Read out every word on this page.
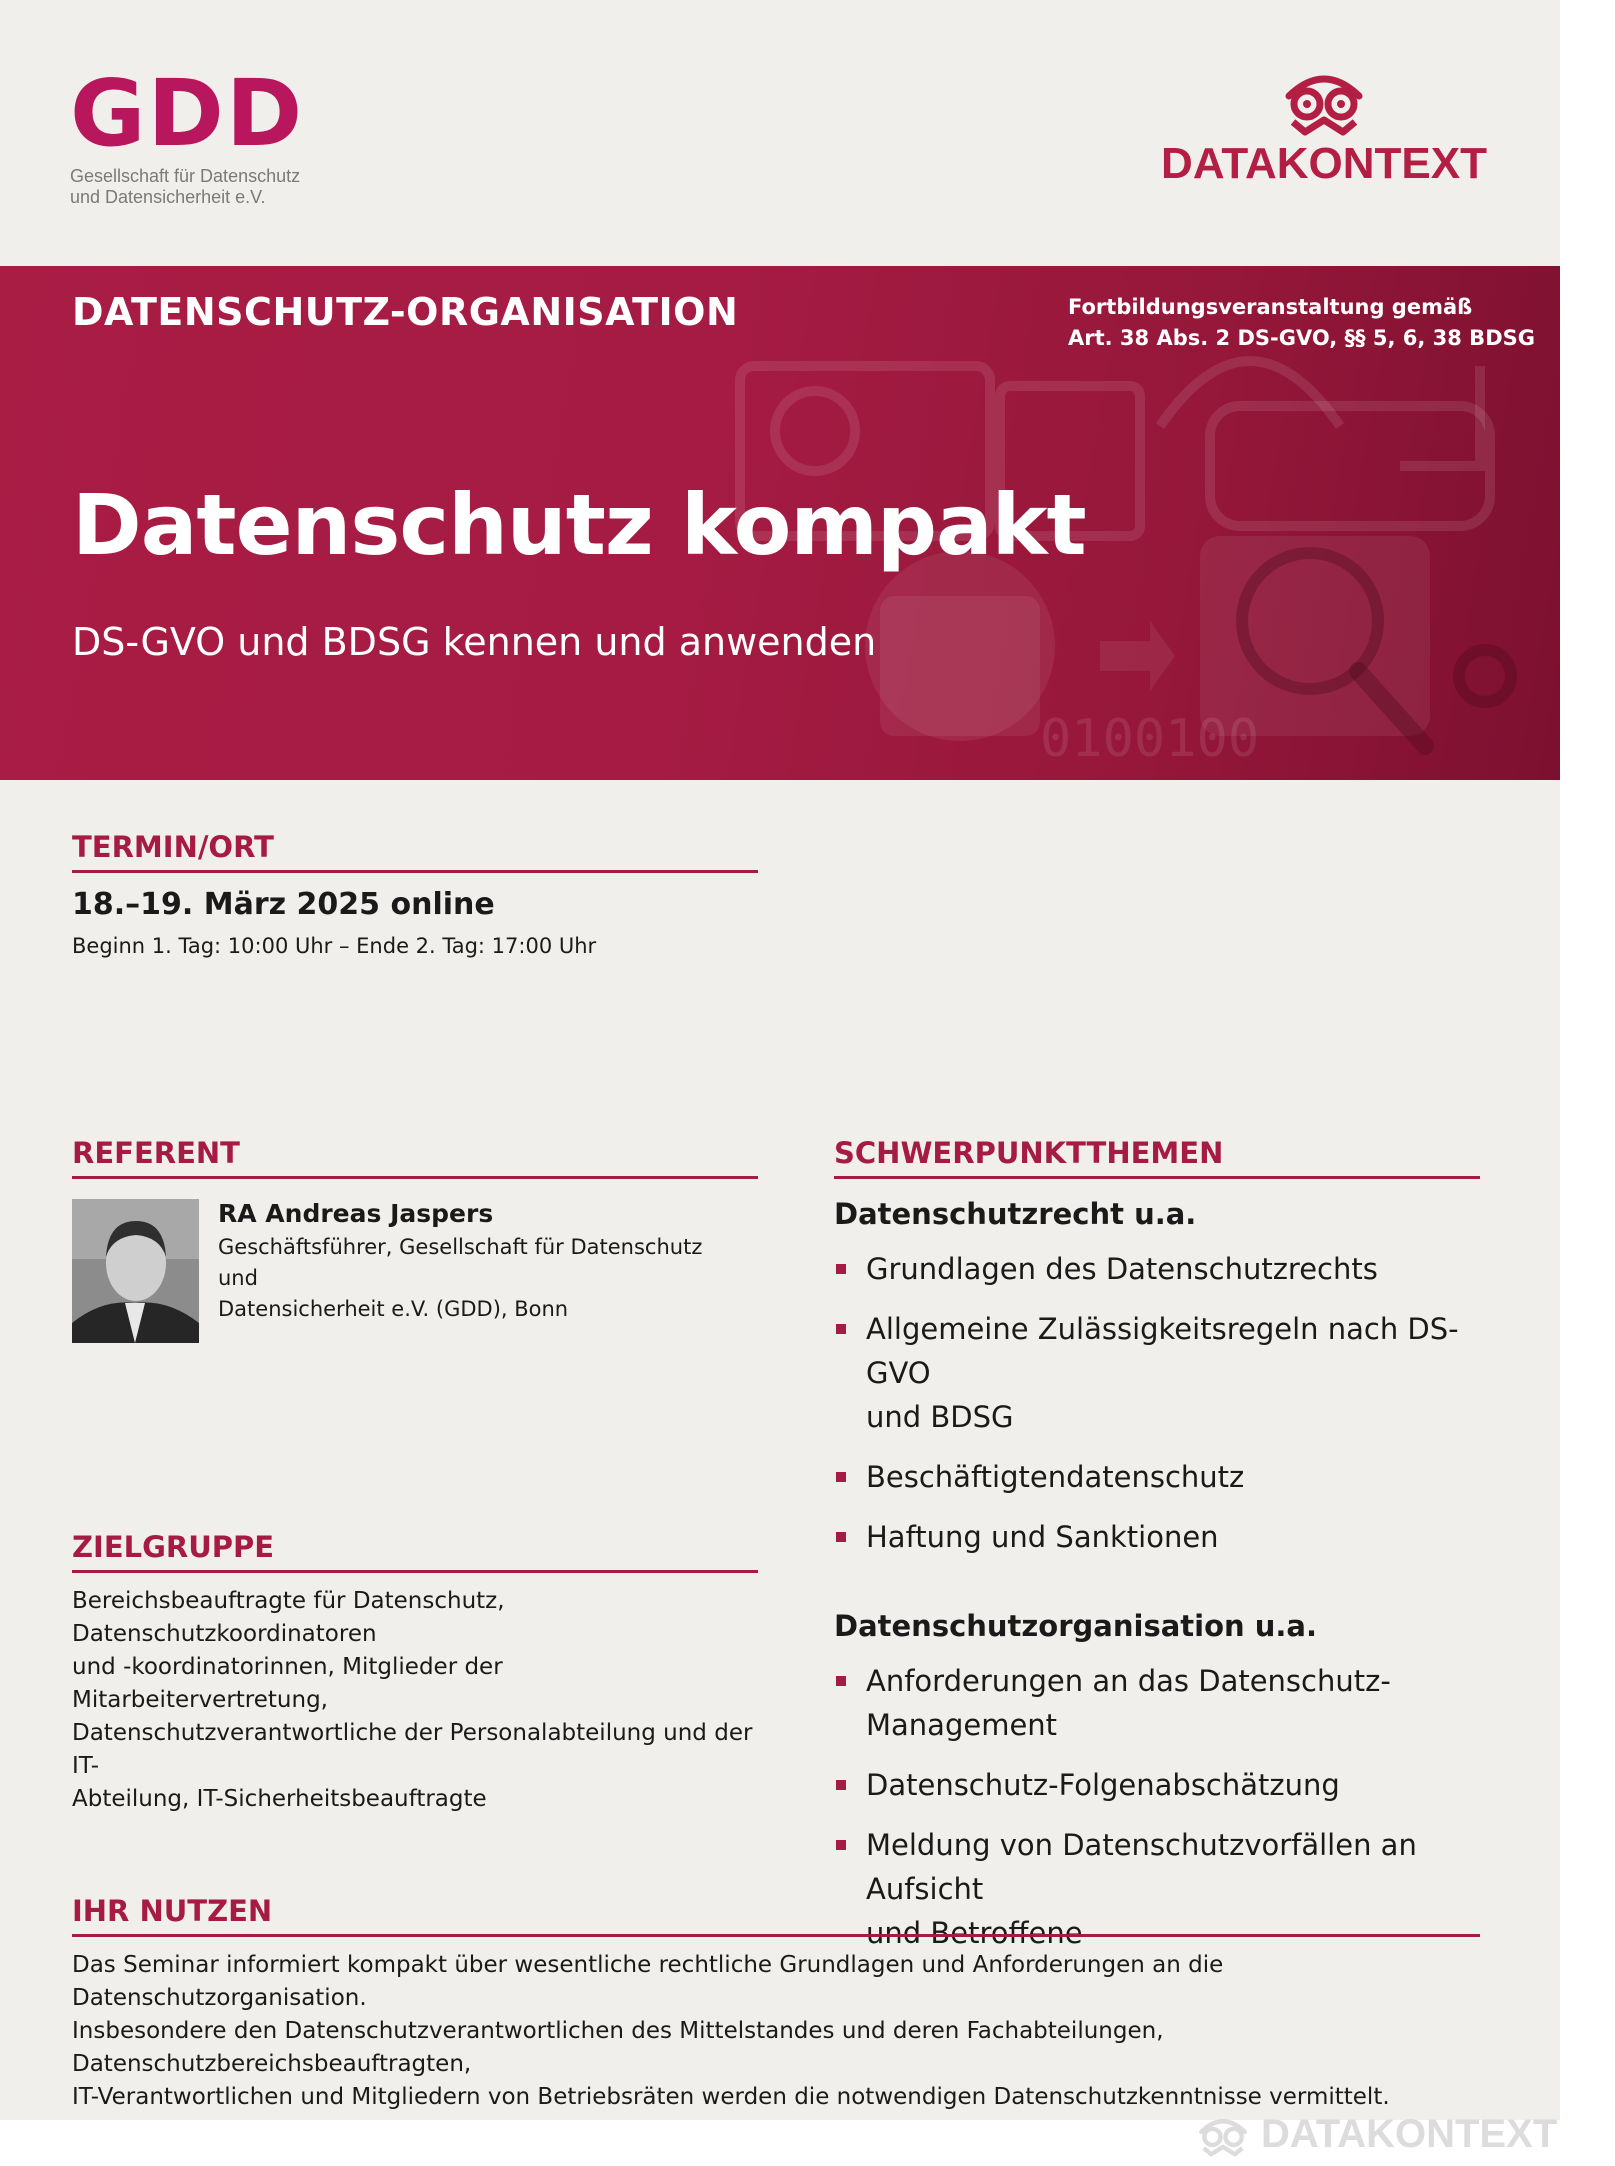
GDD
Gesellschaft für Datenschutz
und Datensicherheit e.V.
DATAKONTEXT
0100100
DATENSCHUTZ-ORGANISATION	Fortbildungsveranstaltung gemäß
Art. 38 Abs. 2 DS-GVO, §§ 5, 6, 38 BDSG
Datenschutz kompakt
DS-GVO und BDSG kennen und anwenden
TERMIN/ORT
18.–19. März 2025 online
Beginn 1. Tag: 10:00 Uhr – Ende 2. Tag: 17:00 Uhr
REFERENT
RA Andreas Jaspers
Geschäftsführer, Gesellschaft für Datenschutz und
Datensicherheit e.V. (GDD), Bonn
ZIELGRUPPE
Bereichsbeauftragte für Datenschutz, Datenschutzkoordinatoren
und -koordinatorinnen, Mitglieder der Mitarbeitervertretung,
Datenschutzverantwortliche der Personalabteilung und der IT-
Abteilung, IT-Sicherheitsbeauftragte
SCHWERPUNKTTHEMEN
Datenschutzrecht u.a.
Grundlagen des Datenschutzrechts
Allgemeine Zulässigkeitsregeln nach DS-GVO
und BDSG
Beschäftigtendatenschutz
Haftung und Sanktionen
Datenschutzorganisation u.a.
Anforderungen an das Datenschutz-Management
Datenschutz-Folgenabschätzung
Meldung von Datenschutzvorfällen an Aufsicht
und Betroffene
IHR NUTZEN
Das Seminar informiert kompakt über wesentliche rechtliche Grundlagen und Anforderungen an die Datenschutzorganisation.
Insbesondere den Datenschutzverantwortlichen des Mittelstandes und deren Fachabteilungen, Datenschutzbereichsbeauftragten,
IT-Verantwortlichen und Mitgliedern von Betriebsräten werden die notwendigen Datenschutzkenntnisse vermittelt.
DATAKONTEXT
